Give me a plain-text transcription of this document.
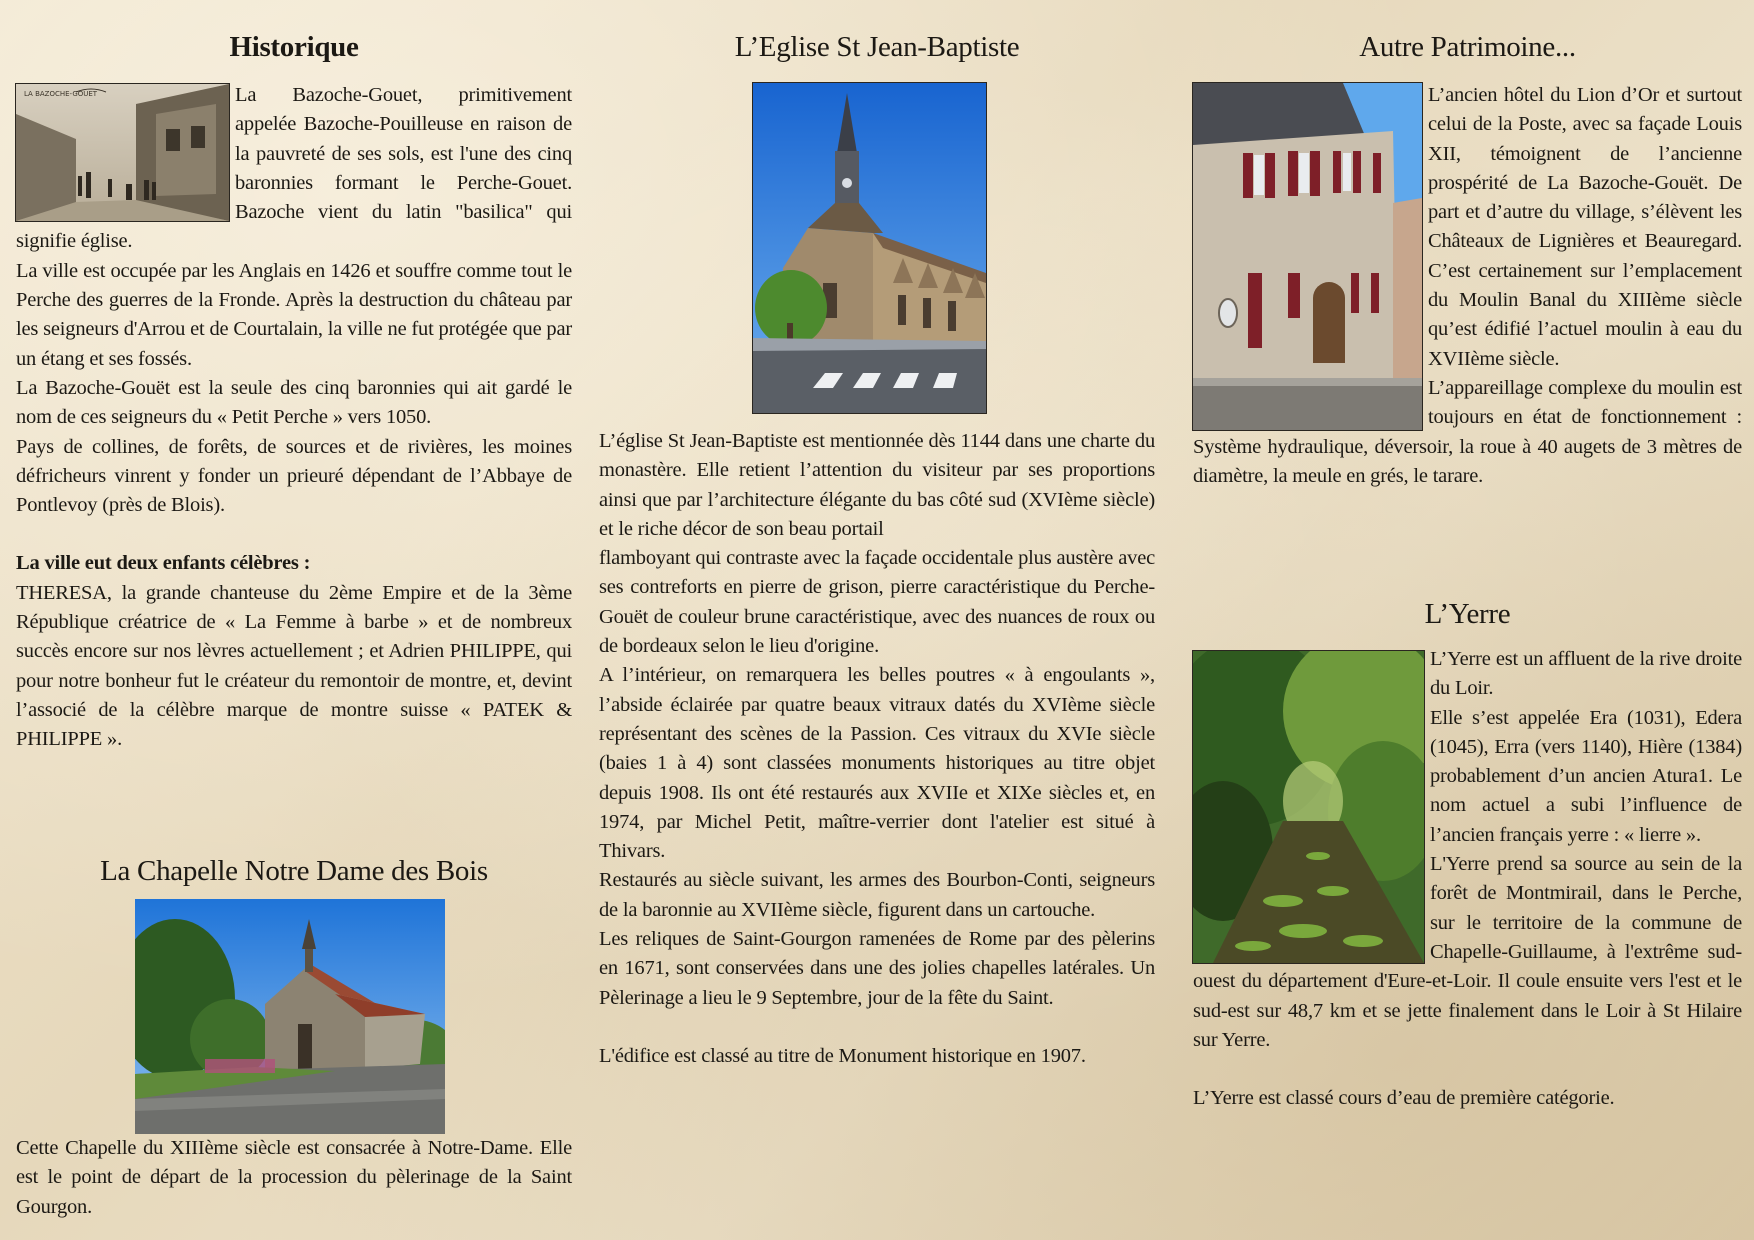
Historique
LA BAZOCHE-GOUET	La Bazoche-Gouet, primitivement appelée Bazoche-Pouilleuse en raison de la pauvreté de ses sols, est l'une des cinq baronnies formant le Perche-Gouet. Bazoche vient du latin "basilica" qui signifie église.

La ville est occupée par les Anglais en 1426 et souffre comme tout le Perche des guerres de la Fronde. Après la destruction du château par les seigneurs d'Arrou et de Courtalain, la ville ne fut protégée que par un étang et ses fossés.

La Bazoche-Gouët est la seule des cinq baronnies qui ait gardé le nom de ces seigneurs du « Petit Perche » vers 1050.

Pays de collines, de forêts, de sources et de rivières, les moines défricheurs vinrent y fonder un prieuré dépendant de l’Abbaye de Pontlevoy (près de Blois).

La ville eut deux enfants célèbres :

THERESA, la grande chanteuse du 2ème Empire et de la 3ème République créatrice de « La Femme à barbe » et de nombreux succès encore sur nos lèvres actuellement ; et Adrien PHILIPPE, qui pour notre bonheur fut le créateur du remontoir de montre, et, devint l’associé de la célèbre marque de montre suisse « PATEK & PHILIPPE ».

La Chapelle Notre Dame des Bois

Cette Chapelle du XIIIème siècle est consacrée à Notre-Dame. Elle est le point de départ de la procession du pèlerinage de la Saint Gourgon.

L’Eglise St Jean-Baptiste

L’église St Jean-Baptiste est mentionnée dès 1144 dans une charte du monastère. Elle retient l’attention du visiteur par ses proportions ainsi que par l’architecture élégante du bas côté sud (XVIème siècle) et le riche décor de son beau portail

flamboyant qui contraste avec la façade occidentale plus austère avec ses contreforts en pierre de grison, pierre caractéristique du Perche-Gouët de couleur brune caractéristique, avec des nuances de roux ou de bordeaux selon le lieu d'origine.

A l’intérieur, on remarquera les belles poutres « à engoulants », l’abside éclairée par quatre beaux vitraux datés du XVIème siècle représentant des scènes de la Passion. Ces vitraux du XVIe siècle (baies 1 à 4) sont classées monuments historiques au titre objet depuis 1908. Ils ont été restaurés aux XVIIe et XIXe siècles et, en 1974, par Michel Petit, maître-verrier dont l'atelier est situé à Thivars.

Restaurés au siècle suivant, les armes des Bourbon-Conti, seigneurs de la baronnie au XVIIème siècle, figurent dans un cartouche.

Les reliques de Saint-Gourgon ramenées de Rome par des pèlerins en 1671, sont conservées dans une des jolies chapelles latérales. Un Pèlerinage a lieu le 9 Septembre, jour de la fête du Saint.

L'édifice est classé au titre de Monument historique en 1907.

Autre Patrimoine...

L’ancien hôtel du Lion d’Or et surtout celui de la Poste, avec sa façade Louis XII, témoignent de l’ancienne prospérité de La Bazoche-Gouët. De part et d’autre du village, s’élèvent les Châteaux de Lignières et Beauregard. C’est certainement sur l’emplacement du Moulin Banal du XIIIème siècle qu’est édifié l’actuel moulin à eau du XVIIème siècle.

L’appareillage complexe du moulin est toujours en état de fonctionnement : Système hydraulique, déversoir, la roue à 40 augets de 3 mètres de diamètre, la meule en grés, le tarare.

L’Yerre

L’Yerre est un affluent de la rive droite du Loir.

Elle s’est appelée Era (1031), Edera (1045), Erra (vers 1140), Hière (1384) probablement d’un ancien Atura1. Le nom actuel a subi l’influence de l’ancien français yerre : « lierre ».

L'Yerre prend sa source au sein de la forêt de Montmirail, dans le Perche, sur le territoire de la commune de Chapelle-Guillaume, à l'extrême sud-ouest du département d'Eure-et-Loir. Il coule ensuite vers l'est et le sud-est sur 48,7 km et se jette finalement dans le Loir à St Hilaire sur Yerre.

L’Yerre est classé cours d’eau de première catégorie.
